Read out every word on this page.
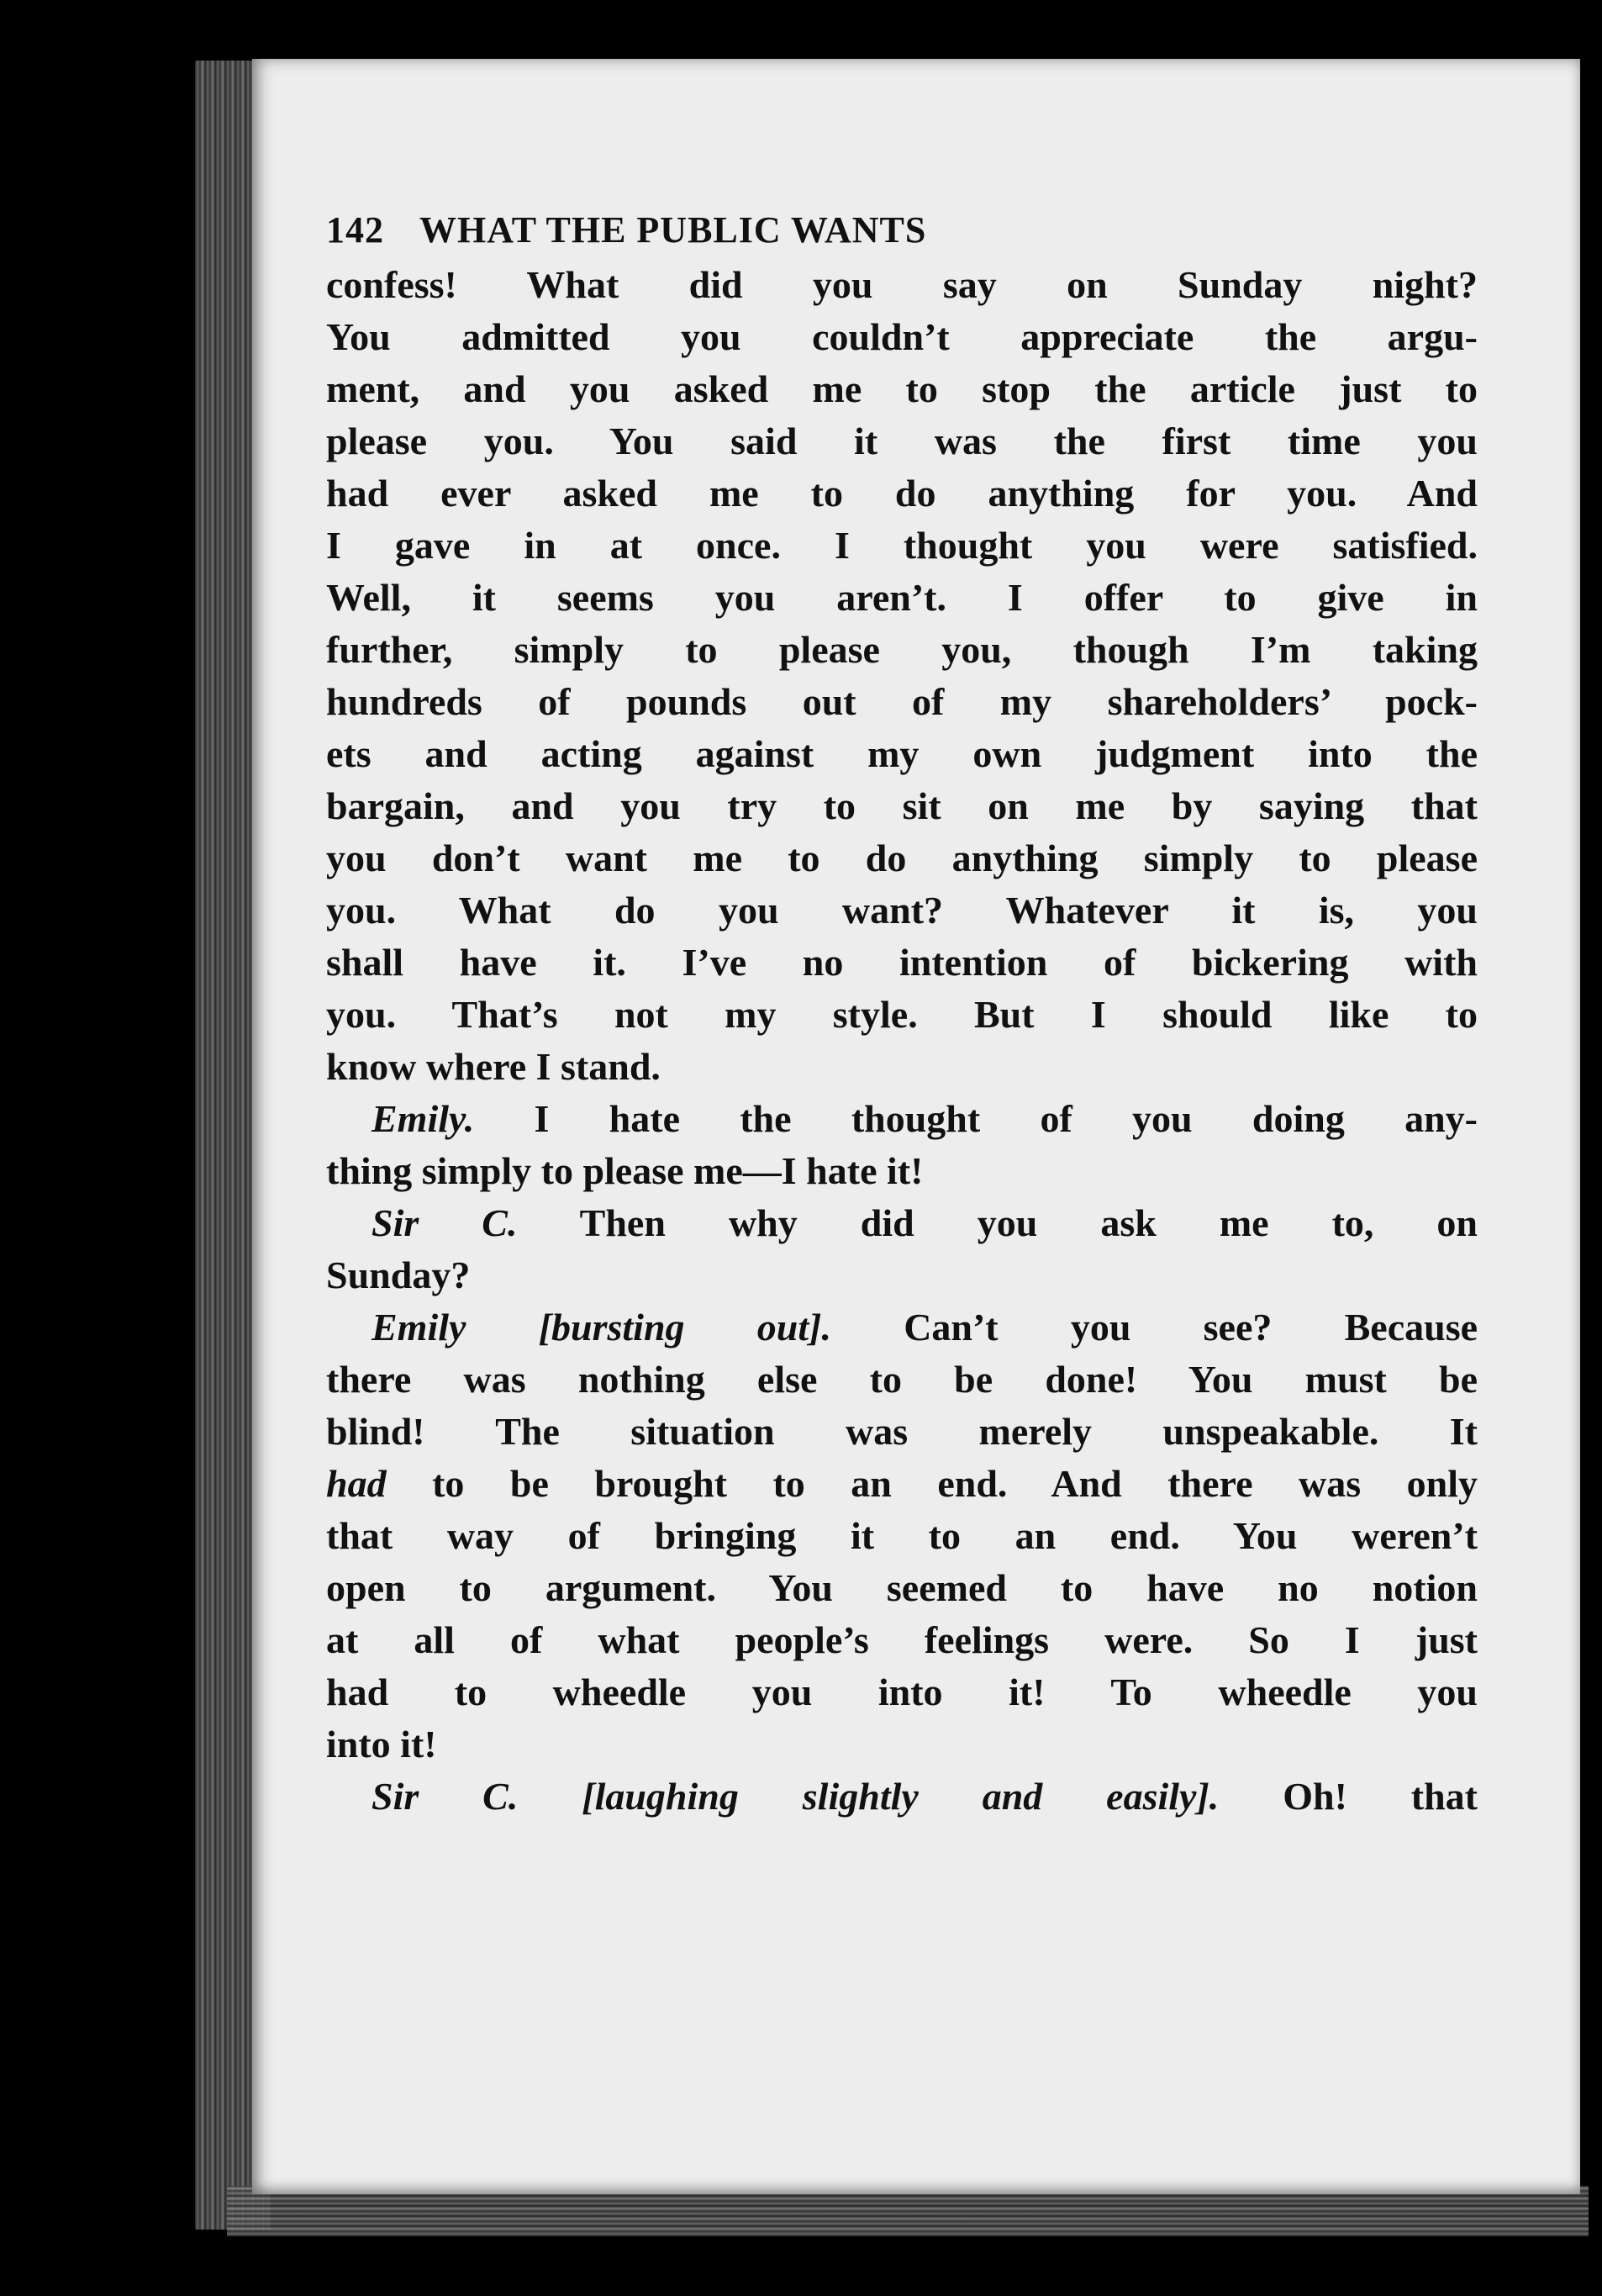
142 WHAT THE PUBLIC WANTS
confess! What did you say on Sunday night?
You admitted you couldn’t appreciate the argu-
ment, and you asked me to stop the article just to
please you. You said it was the first time you
had ever asked me to do anything for you. And
I gave in at once. I thought you were satisfied.
Well, it seems you aren’t. I offer to give in
further, simply to please you, though I’m taking
hundreds of pounds out of my shareholders’ pock-
ets and acting against my own judgment into the
bargain, and you try to sit on me by saying that
you don’t want me to do anything simply to please
you. What do you want? Whatever it is, you
shall have it. I’ve no intention of bickering with
you. That’s not my style. But I should like to
know where I stand.
Emily. I hate the thought of you doing any-
thing simply to please me—I hate it!
Sir C. Then why did you ask me to, on
Sunday?
Emily [bursting out]. Can’t you see? Because
there was nothing else to be done! You must be
blind! The situation was merely unspeakable. It
had to be brought to an end. And there was only
that way of bringing it to an end. You weren’t
open to argument. You seemed to have no notion
at all of what people’s feelings were. So I just
had to wheedle you into it! To wheedle you
into it!
Sir C. [laughing slightly and easily]. Oh! that
